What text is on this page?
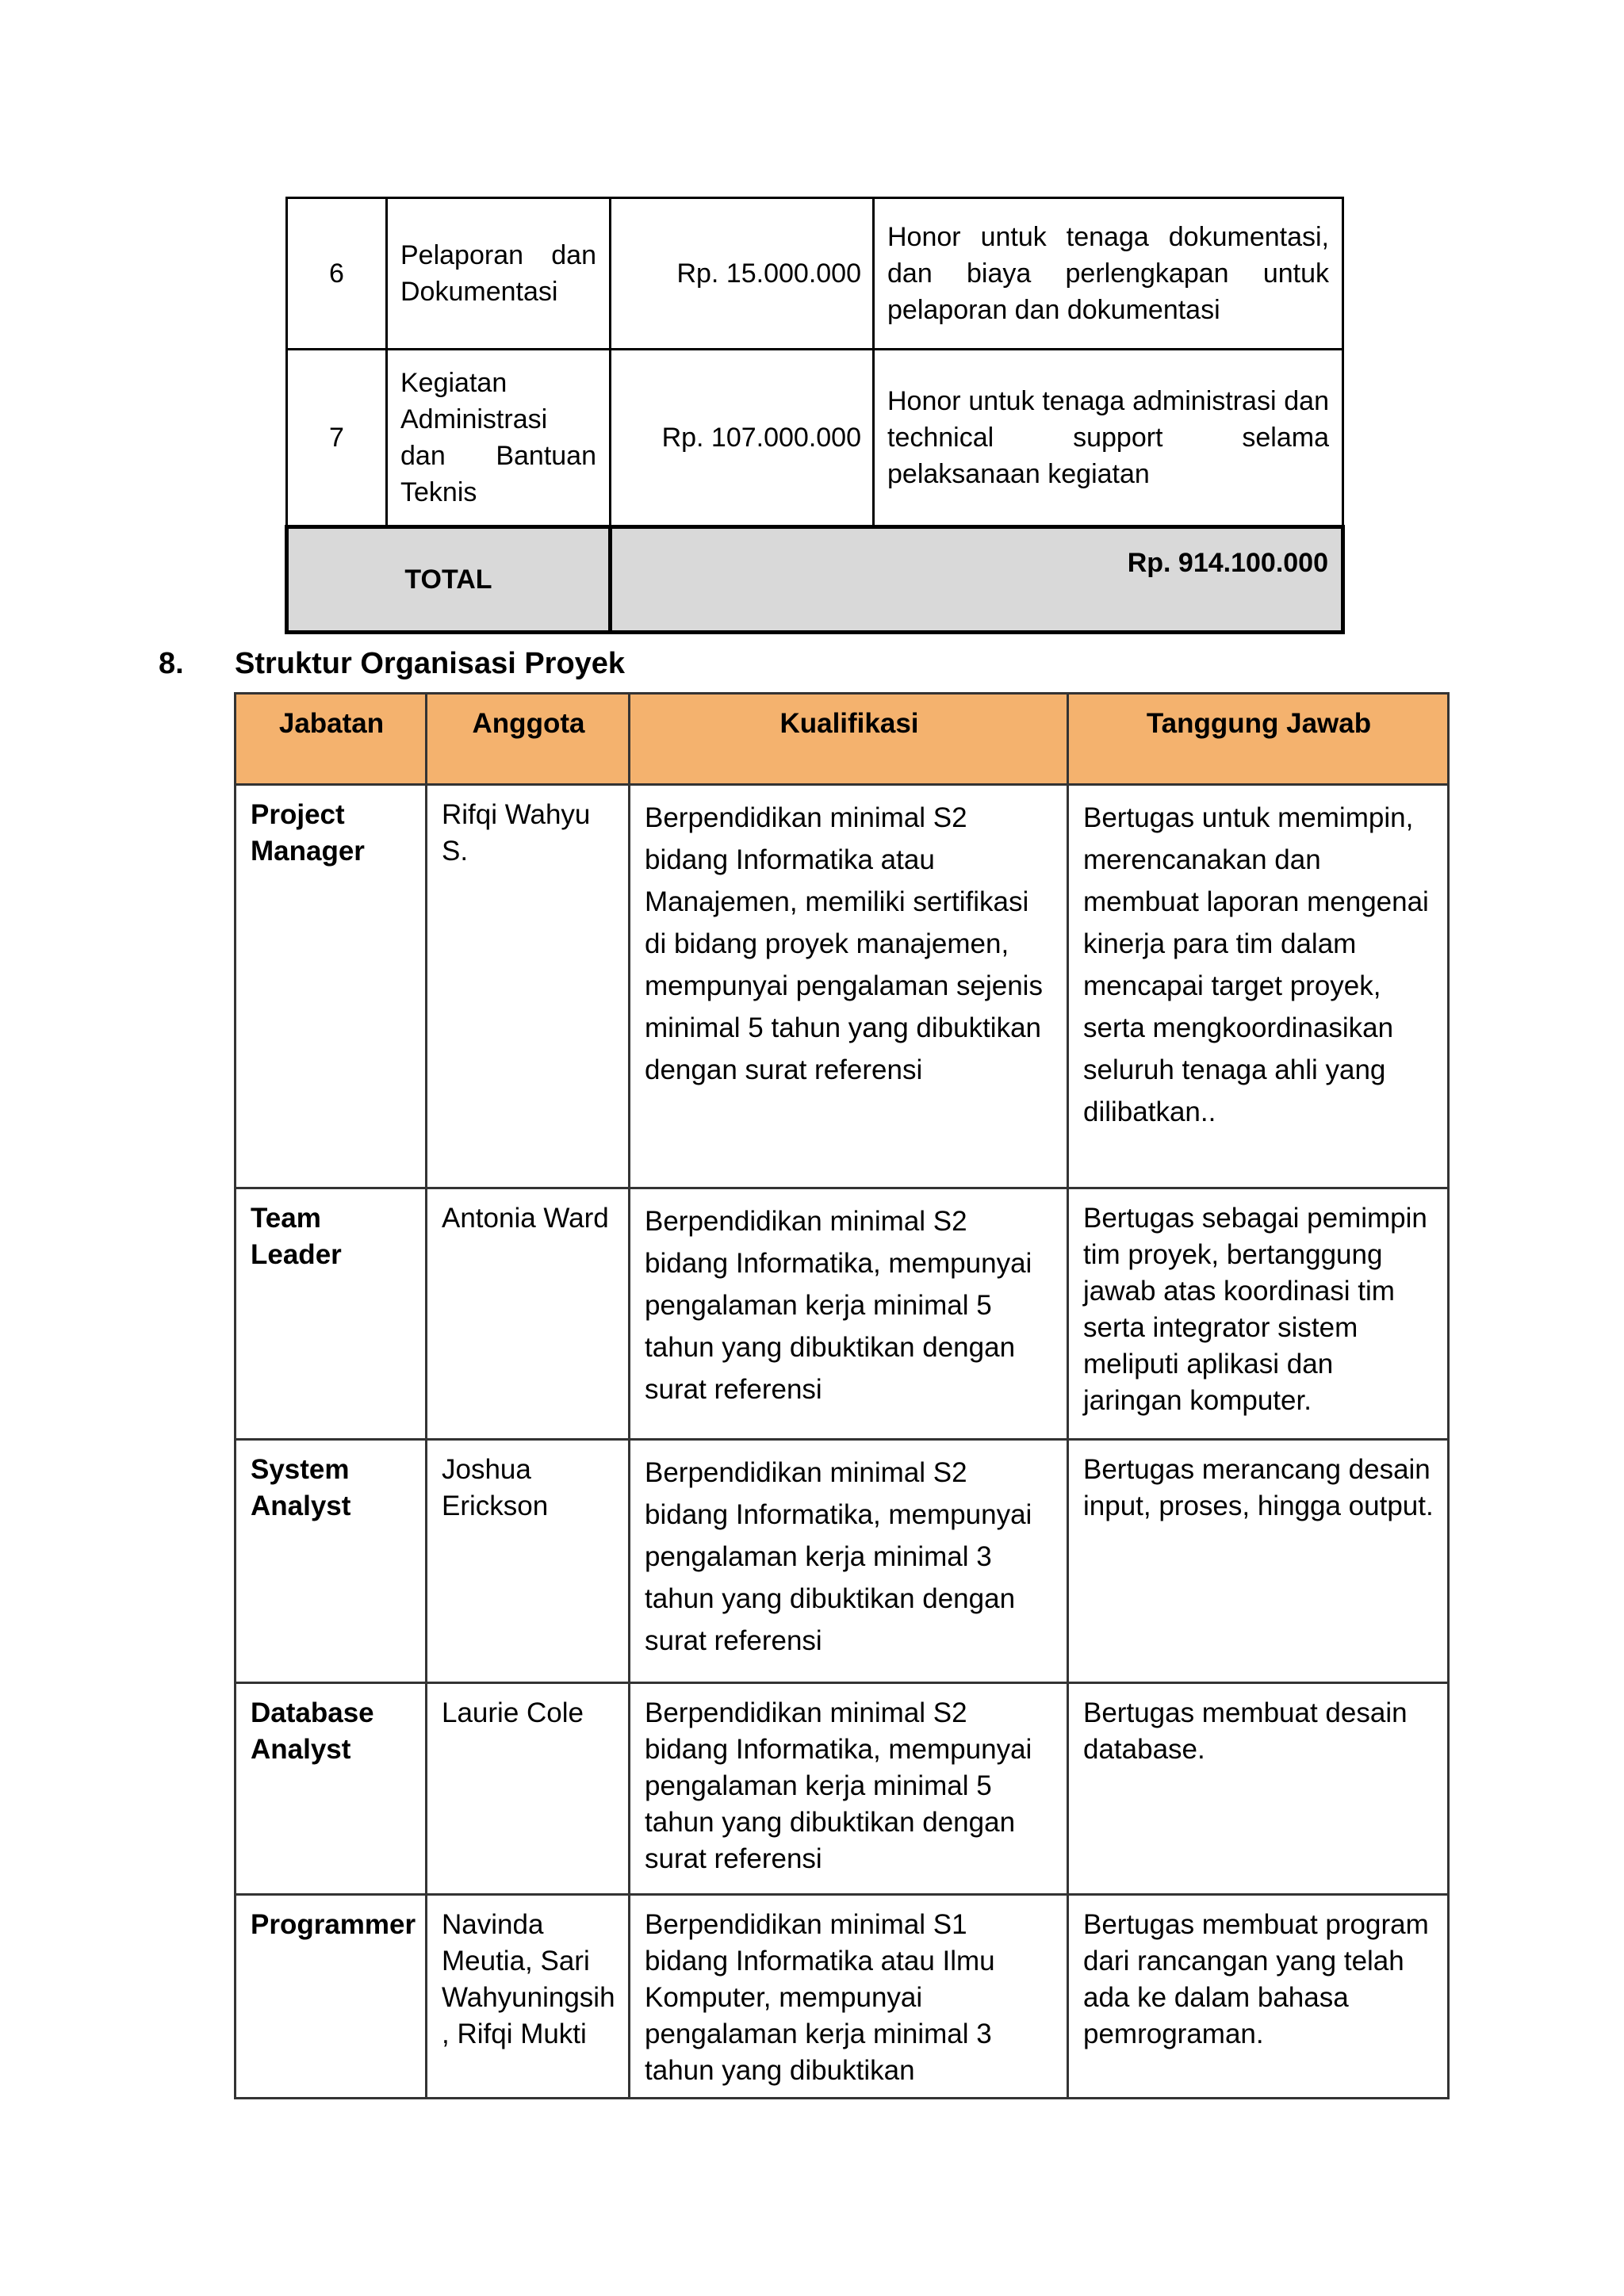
6	Pelaporan dan Dokumentasi	Rp. 15.000.000	Honor untuk tenaga dokumentasi, dan biaya perlengkapan untuk pelaporan dan dokumentasi
7	Kegiatan Administrasi dan Bantuan Teknis	Rp. 107.000.000	Honor untuk tenaga administrasi dan technical support selama pelaksanaan kegiatan
TOTAL		Rp. 914.100.000	
8. Struktur Organisasi Proyek
Jabatan	Anggota	Kualifikasi	Tanggung Jawab
Project Manager	Rifqi Wahyu S.	Berpendidikan minimal S2 bidang Informatika atau Manajemen, memiliki sertifikasi di bidang proyek manajemen, mempunyai pengalaman sejenis minimal 5 tahun yang dibuktikan dengan surat referensi	Bertugas untuk memimpin, merencanakan dan membuat laporan mengenai kinerja para tim dalam mencapai target proyek, serta mengkoordinasikan seluruh tenaga ahli yang dilibatkan..
Team Leader	Antonia Ward	Berpendidikan minimal S2 bidang Informatika, mempunyai pengalaman kerja minimal 5 tahun yang dibuktikan dengan surat referensi	Bertugas sebagai pemimpin tim proyek, bertanggung jawab atas koordinasi tim serta integrator sistem meliputi aplikasi dan jaringan komputer.
System Analyst	Joshua Erickson	Berpendidikan minimal S2 bidang Informatika, mempunyai pengalaman kerja minimal 3 tahun yang dibuktikan dengan surat referensi	Bertugas merancang desain input, proses, hingga output.
Database Analyst	Laurie Cole	Berpendidikan minimal S2 bidang Informatika, mempunyai pengalaman kerja minimal 5 tahun yang dibuktikan dengan surat referensi	Bertugas membuat desain database.
Programmer	Navinda Meutia, Sari Wahyuningsih , Rifqi Mukti	Berpendidikan minimal S1 bidang Informatika atau Ilmu Komputer, mempunyai pengalaman kerja minimal 3 tahun yang dibuktikan	Bertugas membuat program dari rancangan yang telah ada ke dalam bahasa pemrograman.
